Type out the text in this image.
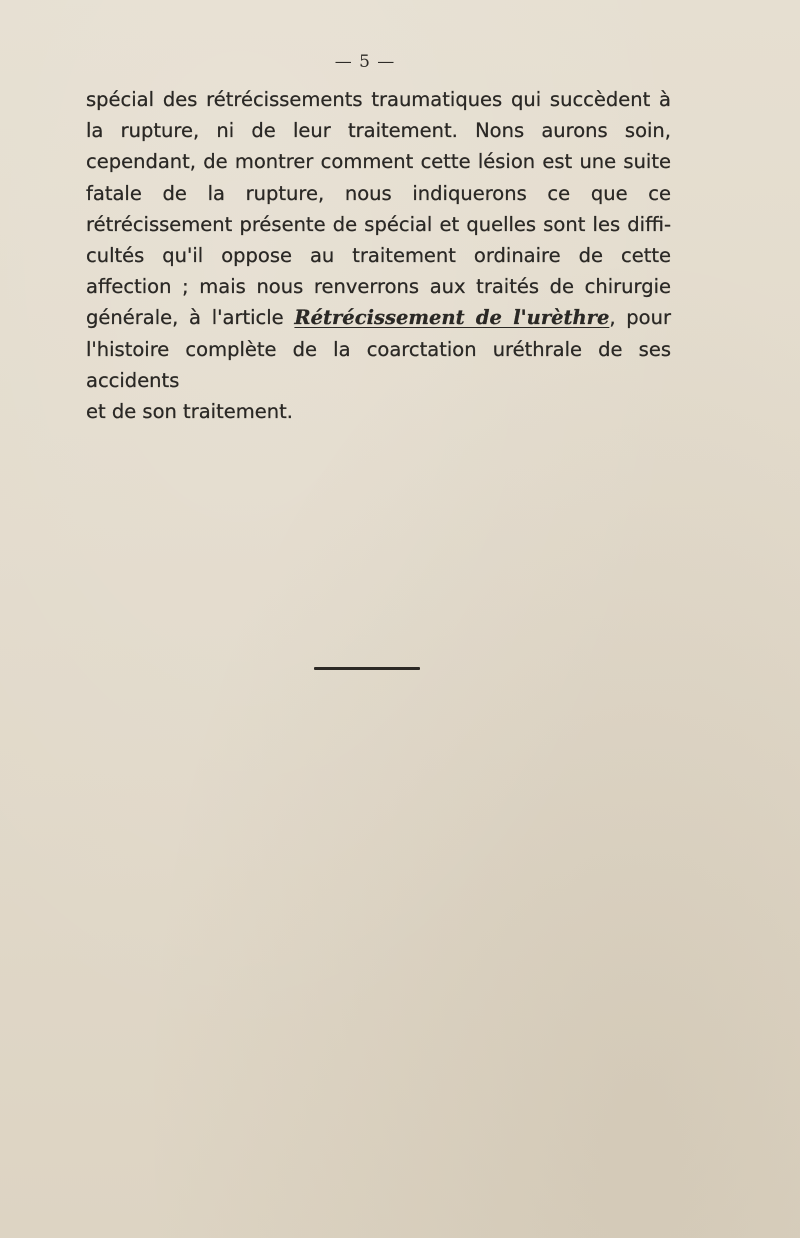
— 5 —

spécial des rétrécissements traumatiques qui succèdent à la rupture, ni de leur traitement. Nons aurons soin, cependant, de montrer comment cette lésion est une suite fatale de la rupture, nous indiquerons ce que ce rétrécissement présente de spécial et quelles sont les difficultés qu'il oppose au traitement ordinaire de cette affection ; mais nous renverrons aux traités de chirurgie générale, à l'article Rétrécissement de l'urèthre, pour l'histoire complète de la coarctation uréthrale de ses accidents

et de son traitement.
